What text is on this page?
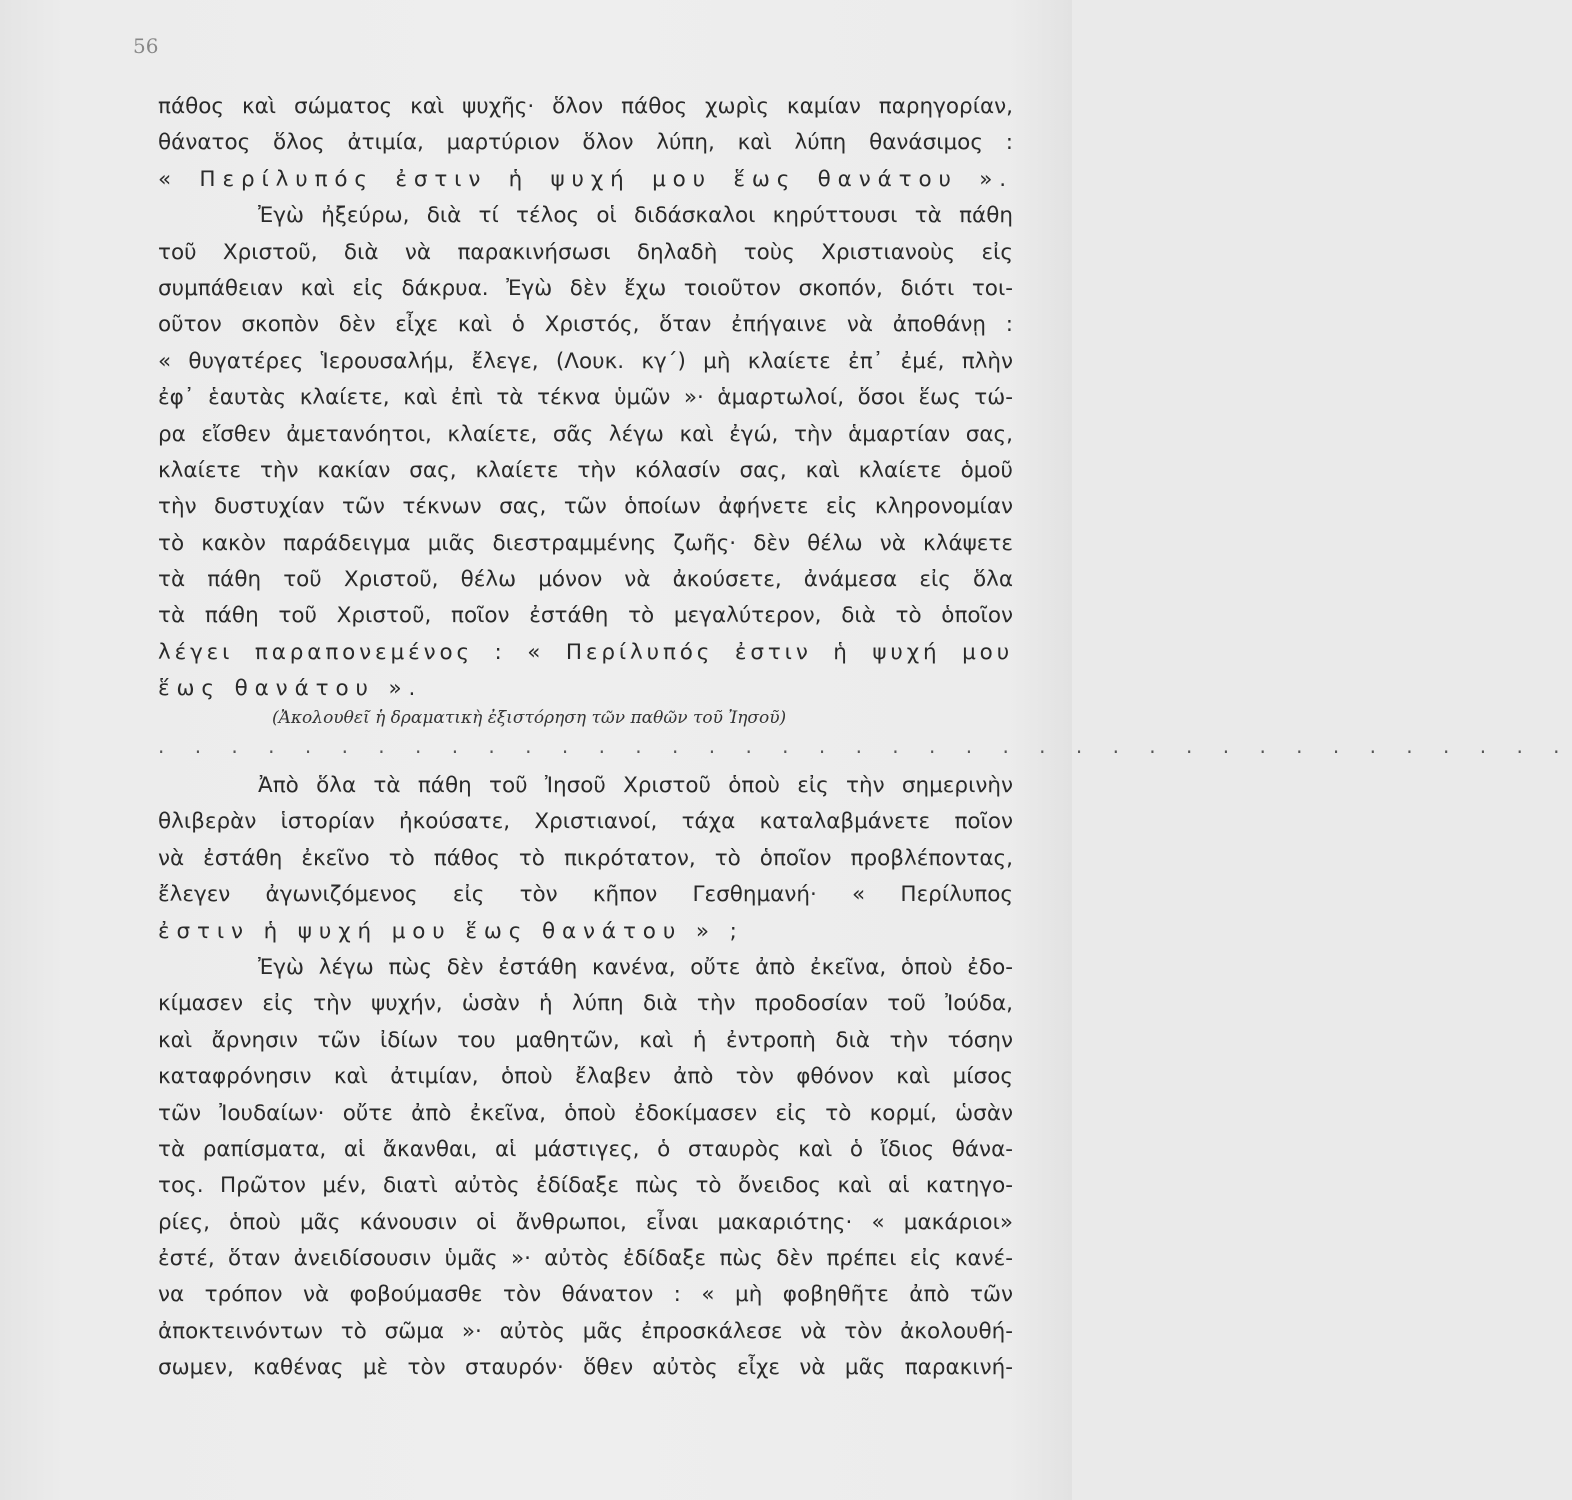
56
πάθος καὶ σώματος καὶ ψυχῆς· ὅλον πάθος χωρὶς καμίαν παρηγορίαν,
θάνατος ὅλος ἀτιμία, μαρτύριον ὅλον λύπη, καὶ λύπη θανάσιμος :
« Περίλυπός ἐστιν ἡ ψυχή μου ἕως θανάτου ».
Ἐγὼ ἠξεύρω, διὰ τί τέλος οἱ διδάσκαλοι κηρύττουσι τὰ πάθη
τοῦ Χριστοῦ, διὰ νὰ παρακινήσωσι δηλαδὴ τοὺς Χριστιανοὺς εἰς
συμπάθειαν καὶ εἰς δάκρυα. Ἐγὼ δὲν ἔχω τοιοῦτον σκοπόν, διότι τοι-
οῦτον σκοπὸν δὲν εἶχε καὶ ὁ Χριστός, ὅταν ἐπήγαινε νὰ ἀποθάνῃ :
« θυγατέρες Ἱερουσαλήμ, ἔλεγε, (Λουκ. κγ΄) μὴ κλαίετε ἐπ᾽ ἐμέ, πλὴν
ἐφ᾽ ἑαυτὰς κλαίετε, καὶ ἐπὶ τὰ τέκνα ὑμῶν »· ἁμαρτωλοί, ὅσοι ἕως τώ-
ρα εἴσθεν ἀμετανόητοι, κλαίετε, σᾶς λέγω καὶ ἐγώ, τὴν ἁμαρτίαν σας,
κλαίετε τὴν κακίαν σας, κλαίετε τὴν κόλασίν σας, καὶ κλαίετε ὁμοῦ
τὴν δυστυχίαν τῶν τέκνων σας, τῶν ὁποίων ἀφήνετε εἰς κληρονομίαν
τὸ κακὸν παράδειγμα μιᾶς διεστραμμένης ζωῆς· δὲν θέλω νὰ κλάψετε
τὰ πάθη τοῦ Χριστοῦ, θέλω μόνον νὰ ἀκούσετε, ἀνάμεσα εἰς ὅλα
τὰ πάθη τοῦ Χριστοῦ, ποῖον ἐστάθη τὸ μεγαλύτερον, διὰ τὸ ὁποῖον
λέγει παραπονεμένος : « Περίλυπός ἐστιν ἡ ψυχή μου
ἕως θανάτου ».
(Ἀκολουθεῖ ἡ δραματικὴ ἐξιστόρηση τῶν παθῶν τοῦ Ἰησοῦ)
. . . . . . . . . . . . . . . . . . . . . . . . . . . . . . . . . . . . . . .
Ἀπὸ ὅλα τὰ πάθη τοῦ Ἰησοῦ Χριστοῦ ὁποὺ εἰς τὴν σημερινὴν
θλιβερὰν ἱστορίαν ἠκούσατε, Χριστιανοί, τάχα καταλαβμάνετε ποῖον
νὰ ἐστάθη ἐκεῖνο τὸ πάθος τὸ πικρότατον, τὸ ὁποῖον προβλέποντας,
ἔλεγεν ἀγωνιζόμενος εἰς τὸν κῆπον Γεσθημανή· « Περίλυπος
ἐστιν ἡ ψυχή μου ἕως θανάτου » ;
Ἐγὼ λέγω πὼς δὲν ἐστάθη κανένα, οὔτε ἀπὸ ἐκεῖνα, ὁποὺ ἐδο-
κίμασεν εἰς τὴν ψυχήν, ὡσὰν ἡ λύπη διὰ τὴν προδοσίαν τοῦ Ἰούδα,
καὶ ἄρνησιν τῶν ἰδίων του μαθητῶν, καὶ ἡ ἐντροπὴ διὰ τὴν τόσην
καταφρόνησιν καὶ ἀτιμίαν, ὁποὺ ἔλαβεν ἀπὸ τὸν φθόνον καὶ μίσος
τῶν Ἰουδαίων· οὔτε ἀπὸ ἐκεῖνα, ὁποὺ ἐδοκίμασεν εἰς τὸ κορμί, ὡσὰν
τὰ ραπίσματα, αἱ ἄκανθαι, αἱ μάστιγες, ὁ σταυρὸς καὶ ὁ ἴδιος θάνα-
τος. Πρῶτον μέν, διατὶ αὐτὸς ἐδίδαξε πὼς τὸ ὄνειδος καὶ αἱ κατηγο-
ρίες, ὁποὺ μᾶς κάνουσιν οἱ ἄνθρωποι, εἶναι μακαριότης· « μακάριοι»
ἐστέ, ὅταν ἀνειδίσουσιν ὑμᾶς »· αὐτὸς ἐδίδαξε πὼς δὲν πρέπει εἰς κανέ-
να τρόπον νὰ φοβούμασθε τὸν θάνατον : « μὴ φοβηθῆτε ἀπὸ τῶν
ἀποκτεινόντων τὸ σῶμα »· αὐτὸς μᾶς ἐπροσκάλεσε νὰ τὸν ἀκολουθή-
σωμεν, καθένας μὲ τὸν σταυρόν· ὅθεν αὐτὸς εἶχε νὰ μᾶς παρακινή-
